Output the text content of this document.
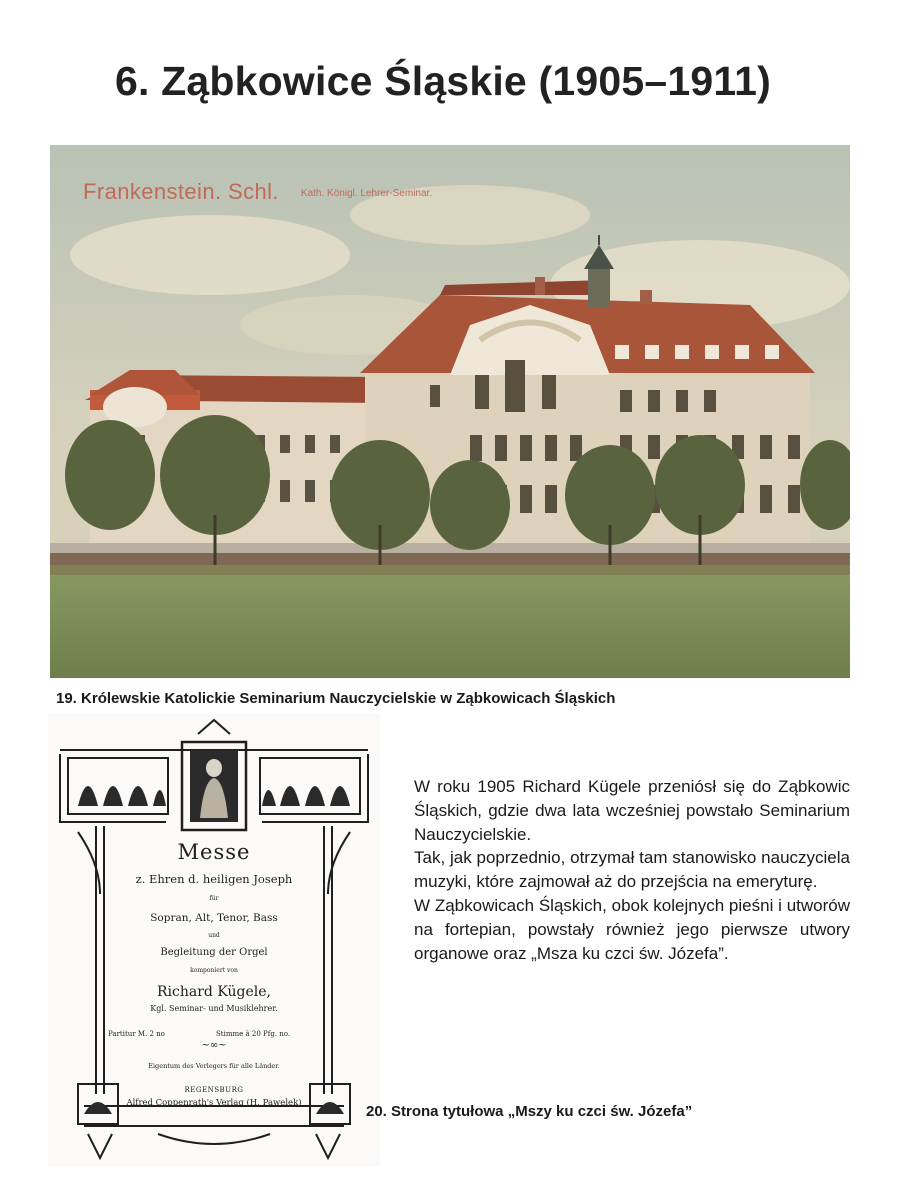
6. Ząbkowice Śląskie (1905–1911)
Frankenstein. Schl. Kath. Königl. Lehrer-Seminar.
19. Królewskie Katolickie Seminarium Nauczycielskie w Ząbkowicach Śląskich
Messe
z. Ehren d. heiligen Joseph
für
Sopran, Alt, Tenor, Bass
und
Begleitung der Orgel
komponiert von
Richard Kügele,
Kgl. Seminar- und Musiklehrer.
Partitur M. 2 no	Stimme à 20 Pfg. no.
~∞~
Eigentum des Verlegers für alle Länder.
REGENSBURG
Alfred Coppenrath's Verlag (H. Pawelek)

W roku 1905 Richard Kügele przeniósł się do Ząbkowic Śląskich, gdzie dwa lata wcześniej powstało Seminarium Nauczycielskie.

Tak, jak poprzednio, otrzymał tam stanowisko nauczyciela muzyki, które zajmował aż do przejścia na emeryturę.

W Ząbkowicach Śląskich, obok kolejnych pieśni i utworów na fortepian, powstały również jego pierwsze utwory organowe oraz „Msza ku czci św. Józefa”.

20. Strona tytułowa „Mszy ku czci św. Józefa”
